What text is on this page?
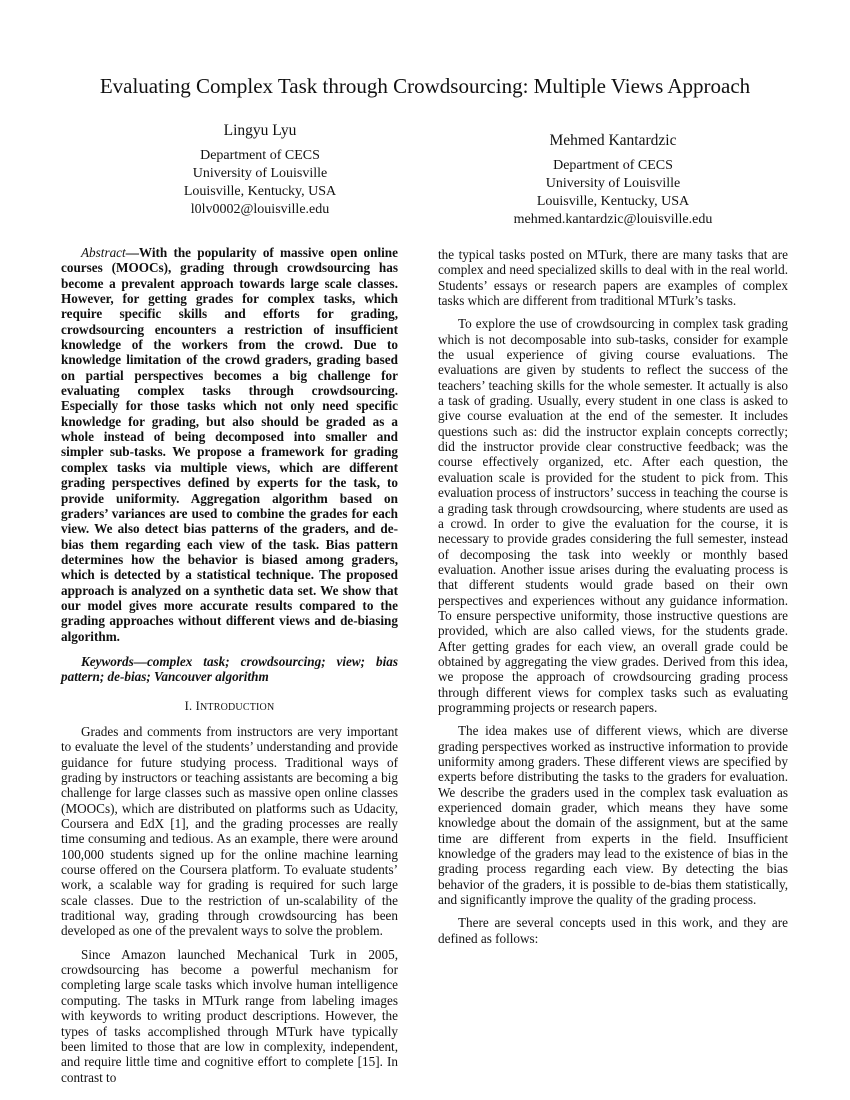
Evaluating Complex Task through Crowdsourcing: Multiple Views Approach
Lingyu Lyu
Department of CECS
University of Louisville
Louisville, Kentucky, USA
l0lv0002@louisville.edu
Mehmed Kantardzic
Department of CECS
University of Louisville
Louisville, Kentucky, USA
mehmed.kantardzic@louisville.edu

Abstract—With the popularity of massive open online courses (MOOCs), grading through crowdsourcing has become a prevalent approach towards large scale classes. However, for getting grades for complex tasks, which require specific skills and efforts for grading, crowdsourcing encounters a restriction of insufficient knowledge of the workers from the crowd. Due to knowledge limitation of the crowd graders, grading based on partial perspectives becomes a big challenge for evaluating complex tasks through crowdsourcing. Especially for those tasks which not only need specific knowledge for grading, but also should be graded as a whole instead of being decomposed into smaller and simpler sub-tasks. We propose a framework for grading complex tasks via multiple views, which are different grading perspectives defined by experts for the task, to provide uniformity. Aggregation algorithm based on graders’ variances are used to combine the grades for each view. We also detect bias patterns of the graders, and de-bias them regarding each view of the task. Bias pattern determines how the behavior is biased among graders, which is detected by a statistical technique. The proposed approach is analyzed on a synthetic data set. We show that our model gives more accurate results compared to the grading approaches without different views and de-biasing algorithm.

Keywords—complex task; crowdsourcing; view; bias pattern; de-bias; Vancouver algorithm

I. INTRODUCTION

Grades and comments from instructors are very important to evaluate the level of the students’ understanding and provide guidance for future studying process. Traditional ways of grading by instructors or teaching assistants are becoming a big challenge for large classes such as massive open online classes (MOOCs), which are distributed on platforms such as Udacity, Coursera and EdX [1], and the grading processes are really time consuming and tedious. As an example, there were around 100,000 students signed up for the online machine learning course offered on the Coursera platform. To evaluate students’ work, a scalable way for grading is required for such large scale classes. Due to the restriction of un-scalability of the traditional way, grading through crowdsourcing has been developed as one of the prevalent ways to solve the problem.

Since Amazon launched Mechanical Turk in 2005, crowdsourcing has become a powerful mechanism for completing large scale tasks which involve human intelligence computing. The tasks in MTurk range from labeling images with keywords to writing product descriptions. However, the types of tasks accomplished through MTurk have typically been limited to those that are low in complexity, independent, and require little time and cognitive effort to complete [15]. In contrast to

the typical tasks posted on MTurk, there are many tasks that are complex and need specialized skills to deal with in the real world. Students’ essays or research papers are examples of complex tasks which are different from traditional MTurk’s tasks.

To explore the use of crowdsourcing in complex task grading which is not decomposable into sub-tasks, consider for example the usual experience of giving course evaluations. The evaluations are given by students to reflect the success of the teachers’ teaching skills for the whole semester. It actually is also a task of grading. Usually, every student in one class is asked to give course evaluation at the end of the semester. It includes questions such as: did the instructor explain concepts correctly; did the instructor provide clear constructive feedback; was the course effectively organized, etc. After each question, the evaluation scale is provided for the student to pick from. This evaluation process of instructors’ success in teaching the course is a grading task through crowdsourcing, where students are used as a crowd. In order to give the evaluation for the course, it is necessary to provide grades considering the full semester, instead of decomposing the task into weekly or monthly based evaluation. Another issue arises during the evaluating process is that different students would grade based on their own perspectives and experiences without any guidance information. To ensure perspective uniformity, those instructive questions are provided, which are also called views, for the students grade. After getting grades for each view, an overall grade could be obtained by aggregating the view grades. Derived from this idea, we propose the approach of crowdsourcing grading process through different views for complex tasks such as evaluating programming projects or research papers.

The idea makes use of different views, which are diverse grading perspectives worked as instructive information to provide uniformity among graders. These different views are specified by experts before distributing the tasks to the graders for evaluation. We describe the graders used in the complex task evaluation as experienced domain grader, which means they have some knowledge about the domain of the assignment, but at the same time are different from experts in the field. Insufficient knowledge of the graders may lead to the existence of bias in the grading process regarding each view. By detecting the bias behavior of the graders, it is possible to de-bias them statistically, and significantly improve the quality of the grading process.

There are several concepts used in this work, and they are defined as follows:
